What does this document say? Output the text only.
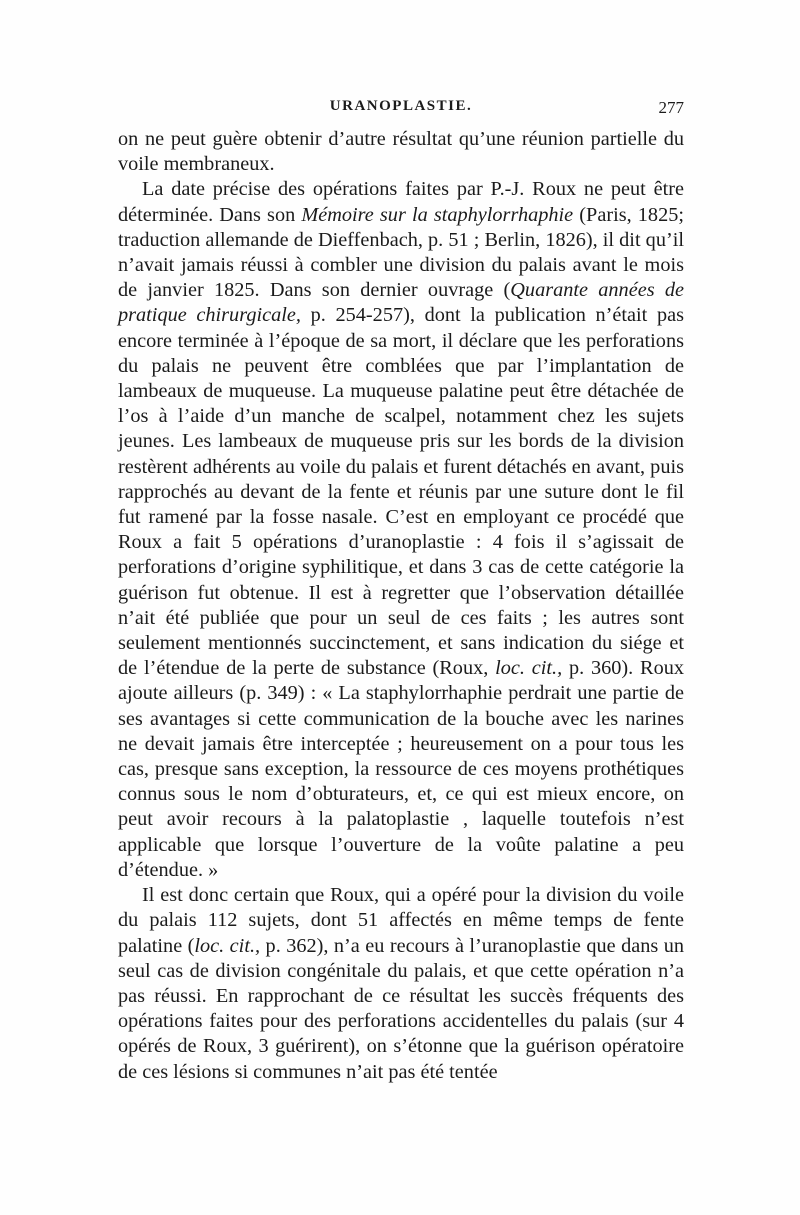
URANOPLASTIE.	277

on ne peut guère obtenir d’autre résultat qu’une réunion partielle du voile membraneux.

La date précise des opérations faites par P.-J. Roux ne peut être déterminée. Dans son Mémoire sur la staphylorrhaphie (Paris, 1825; traduction allemande de Dieffenbach, p. 51 ; Berlin, 1826), il dit qu’il n’avait jamais réussi à combler une division du palais avant le mois de janvier 1825. Dans son dernier ouvrage (Quarante années de pratique chirurgicale, p. 254-257), dont la publication n’était pas encore terminée à l’époque de sa mort, il déclare que les perforations du palais ne peuvent être comblées que par l’implantation de lambeaux de muqueuse. La muqueuse palatine peut être détachée de l’os à l’aide d’un manche de scalpel, notamment chez les sujets jeunes. Les lambeaux de muqueuse pris sur les bords de la division restèrent adhérents au voile du palais et furent détachés en avant, puis rapprochés au devant de la fente et réunis par une suture dont le fil fut ramené par la fosse nasale. C’est en employant ce procédé que Roux a fait 5 opérations d’uranoplastie : 4 fois il s’agissait de perforations d’origine syphilitique, et dans 3 cas de cette catégorie la guérison fut obtenue. Il est à regretter que l’observation détaillée n’ait été publiée que pour un seul de ces faits ; les autres sont seulement mentionnés succinctement, et sans indication du siége et de l’étendue de la perte de substance (Roux, loc. cit., p. 360). Roux ajoute ailleurs (p. 349) : « La staphylorrhaphie perdrait une partie de ses avantages si cette communication de la bouche avec les narines ne devait jamais être interceptée ; heureusement on a pour tous les cas, presque sans exception, la ressource de ces moyens prothétiques connus sous le nom d’obturateurs, et, ce qui est mieux encore, on peut avoir recours à la palatoplastie , laquelle toutefois n’est applicable que lorsque l’ouverture de la voûte palatine a peu d’étendue. »

Il est donc certain que Roux, qui a opéré pour la division du voile du palais 112 sujets, dont 51 affectés en même temps de fente palatine (loc. cit., p. 362), n’a eu recours à l’uranoplastie que dans un seul cas de division congénitale du palais, et que cette opération n’a pas réussi. En rapprochant de ce résultat les succès fréquents des opérations faites pour des perforations accidentelles du palais (sur 4 opérés de Roux, 3 guérirent), on s’étonne que la guérison opératoire de ces lésions si communes n’ait pas été tentée
